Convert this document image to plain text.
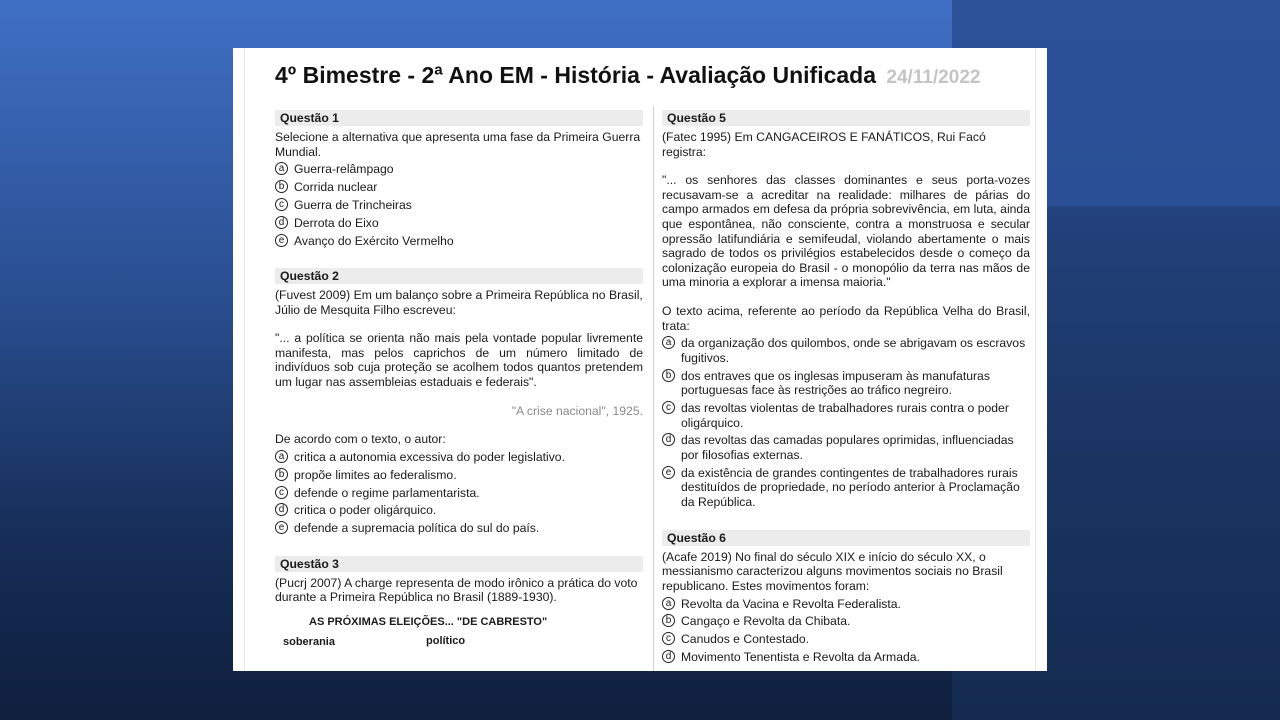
4º Bimestre - 2ª Ano EM - História - Avaliação Unificada 24/11/2022
Questão 1

Selecione a alternativa que apresenta uma fase da Primeira Guerra Mundial.

a Guerra-relâmpago
b Corrida nuclear
c Guerra de Trincheiras
d Derrota do Eixo
e Avanço do Exército Vermelho
Questão 2

(Fuvest 2009) Em um balanço sobre a Primeira República no Brasil, Júlio de Mesquita Filho escreveu:

"... a política se orienta não mais pela vontade popular livremente manifesta, mas pelos caprichos de um número limitado de indivíduos sob cuja proteção se acolhem todos quantos pretendem um lugar nas assembleias estaduais e federais".

"A crise nacional", 1925.

De acordo com o texto, o autor:

a critica a autonomia excessiva do poder legislativo.
b propõe limites ao federalismo.
c defende o regime parlamentarista.
d critica o poder oligárquico.
e defende a supremacia política do sul do país.
Questão 3

(Pucrj 2007) A charge representa de modo irônico a prática do voto durante a Primeira República no Brasil (1889-1930).

AS PRÓXIMAS ELEIÇÕES... "DE CABRESTO"
soberania	político
Questão 5

(Fatec 1995) Em CANGACEIROS E FANÁTICOS, Rui Facó registra:

"... os senhores das classes dominantes e seus porta-vozes recusavam-se a acreditar na realidade: milhares de párias do campo armados em defesa da própria sobrevivência, em luta, ainda que espontânea, não consciente, contra a monstruosa e secular opressão latifundiária e semifeudal, violando abertamente o mais sagrado de todos os privilégios estabelecidos desde o começo da colonização europeia do Brasil - o monopólio da terra nas mãos de uma minoria a explorar a imensa maioria."

O texto acima, referente ao período da República Velha do Brasil, trata:

a da organização dos quilombos, onde se abrigavam os escravos fugitivos.
b dos entraves que os inglesas impuseram às manufaturas portuguesas face às restrições ao tráfico negreiro.
c das revoltas violentas de trabalhadores rurais contra o poder oligárquico.
d das revoltas das camadas populares oprimidas, influenciadas por filosofias externas.
e da existência de grandes contingentes de trabalhadores rurais destituídos de propriedade, no período anterior à Proclamação da República.
Questão 6

(Acafe 2019) No final do século XIX e início do século XX, o messianismo caracterizou alguns movimentos sociais no Brasil republicano. Estes movimentos foram:

a Revolta da Vacina e Revolta Federalista.
b Cangaço e Revolta da Chibata.
c Canudos e Contestado.
d Movimento Tenentista e Revolta da Armada.
